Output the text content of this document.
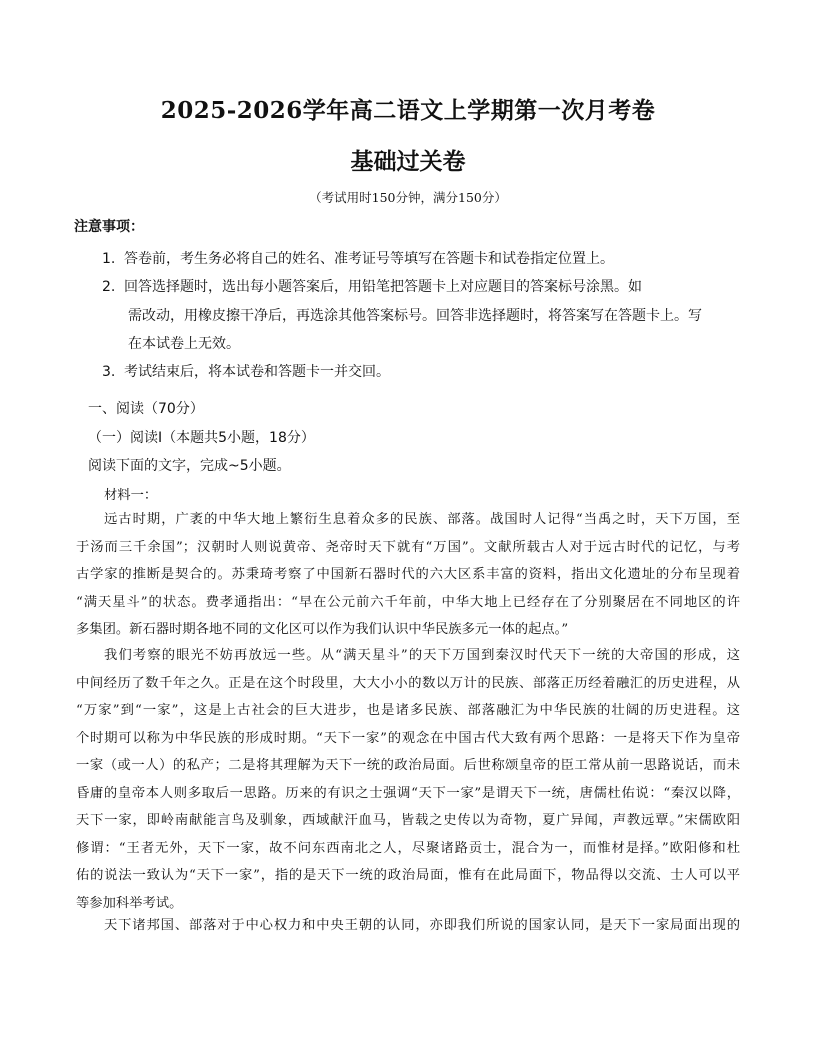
2025-2026学年高二语文上学期第一次月考卷
基础过关卷
（考试用时150分钟，满分150分）
注意事项：
1. 答卷前，考生务必将自己的姓名、准考证号等填写在答题卡和试卷指定位置上。
2. 回答选择题时，选出每小题答案后，用铅笔把答题卡上对应题目的答案标号涂黑。如
需改动，用橡皮擦干净后，再选涂其他答案标号。回答非选择题时，将答案写在答题卡上。写
在本试卷上无效。
3. 考试结束后，将本试卷和答题卡一并交回。
一、阅读（70分）
（一）阅读Ⅰ（本题共5小题，18分）
阅读下面的文字，完成~5小题。
材料一：
远古时期，广袤的中华大地上繁衍生息着众多的民族、部落。战国时人记得“当禹之时，天下万国，至
于汤而三千余国”；汉朝时人则说黄帝、尧帝时天下就有“万国”。文献所载古人对于远古时代的记忆，与考
古学家的推断是契合的。苏秉琦考察了中国新石器时代的六大区系丰富的资料，指出文化遗址的分布呈现着
“满天星斗”的状态。费孝通指出：“早在公元前六千年前，中华大地上已经存在了分别聚居在不同地区的许
多集团。新石器时期各地不同的文化区可以作为我们认识中华民族多元一体的起点。”
我们考察的眼光不妨再放远一些。从“满天星斗”的天下万国到秦汉时代天下一统的大帝国的形成，这
中间经历了数千年之久。正是在这个时段里，大大小小的数以万计的民族、部落正历经着融汇的历史进程，从
“万家”到“一家”，这是上古社会的巨大进步，也是诸多民族、部落融汇为中华民族的壮阔的历史进程。这
个时期可以称为中华民族的形成时期。“天下一家”的观念在中国古代大致有两个思路：一是将天下作为皇帝
一家（或一人）的私产；二是将其理解为天下一统的政治局面。后世称颂皇帝的臣工常从前一思路说话，而未
昏庸的皇帝本人则多取后一思路。历来的有识之士强调“天下一家”是谓天下一统，唐儒杜佑说：“秦汉以降，
天下一家，即岭南献能言鸟及驯象，西域献汗血马，皆载之史传以为奇物，夏广异闻，声教远覃。”宋儒欧阳
修谓：“王者无外，天下一家，故不问东西南北之人，尽聚诸路贡士，混合为一，而惟材是择。”欧阳修和杜
佑的说法一致认为“天下一家”，指的是天下一统的政治局面，惟有在此局面下，物品得以交流、士人可以平
等参加科举考试。
天下诸邦国、部落对于中心权力和中央王朝的认同，亦即我们所说的国家认同，是天下一家局面出现的
